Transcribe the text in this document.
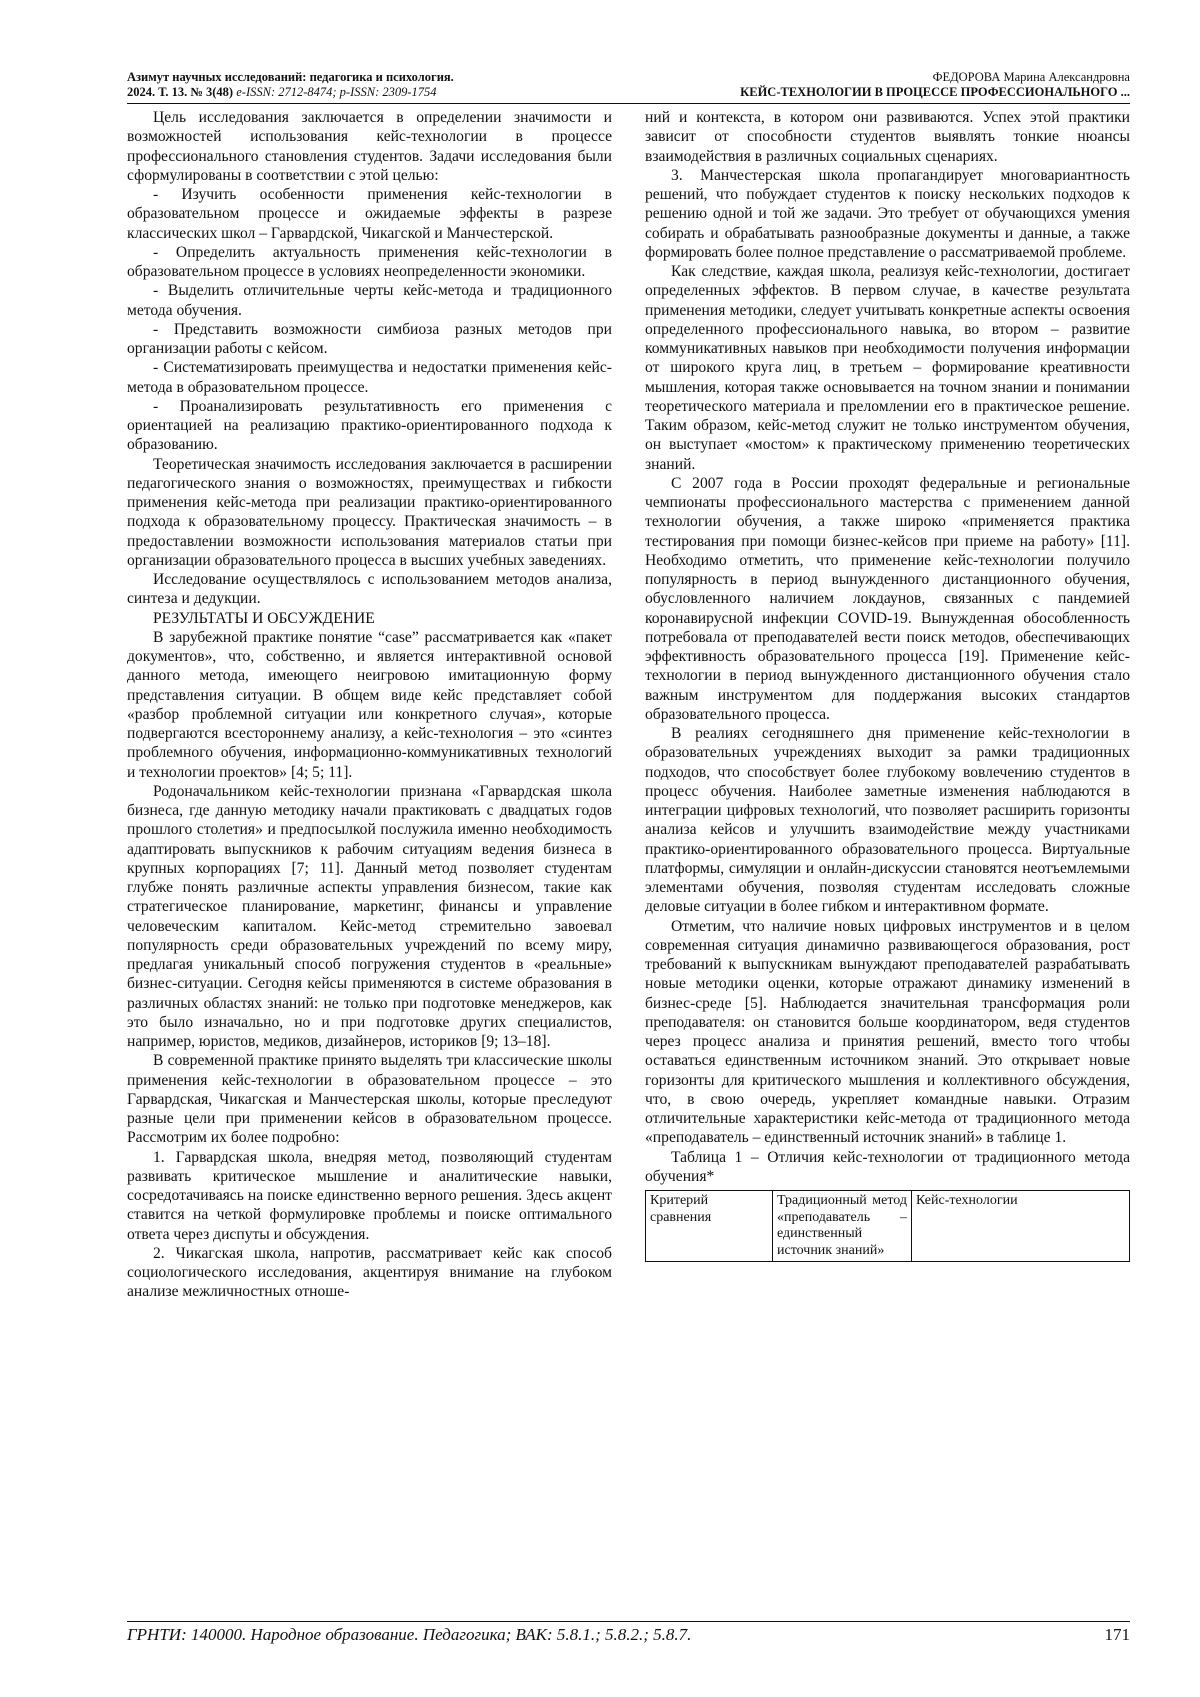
Азимут научных исследований: педагогика и психология.
2024. Т. 13. № 3(48) e-ISSN: 2712-8474; p-ISSN: 2309-1754
ФЕДОРОВА Марина Александровна
КЕЙС-ТЕХНОЛОГИИ В ПРОЦЕССЕ ПРОФЕССИОНАЛЬНОГО ...

Цель исследования заключается в определении значимости и возможностей использования кейс-технологии в процессе профессионального становления студентов. Задачи исследования были сформулированы в соответствии с этой целью:

- Изучить особенности применения кейс-технологии в образовательном процессе и ожидаемые эффекты в разрезе классических школ – Гарвардской, Чикагской и Манчестерской.

- Определить актуальность применения кейс-технологии в образовательном процессе в условиях неопределенности экономики.

- Выделить отличительные черты кейс-метода и традиционного метода обучения.

- Представить возможности симбиоза разных методов при организации работы с кейсом.

- Систематизировать преимущества и недостатки применения кейс-метода в образовательном процессе.

- Проанализировать результативность его применения с ориентацией на реализацию практико-ориентированного подхода к образованию.

Теоретическая значимость исследования заключается в расширении педагогического знания о возможностях, преимуществах и гибкости применения кейс-метода при реализации практико-ориентированного подхода к образовательному процессу. Практическая значимость – в предоставлении возможности использования материалов статьи при организации образовательного процесса в высших учебных заведениях.

Исследование осуществлялось с использованием методов анализа, синтеза и дедукции.

РЕЗУЛЬТАТЫ И ОБСУЖДЕНИЕ

В зарубежной практике понятие “case” рассматривается как «пакет документов», что, собственно, и является интерактивной основой данного метода, имеющего неигровою имитационную форму представления ситуации. В общем виде кейс представляет собой «разбор проблемной ситуации или конкретного случая», которые подвергаются всестороннему анализу, а кейс-технология – это «синтез проблемного обучения, информационно-коммуникативных технологий и технологии проектов» [4; 5; 11].

Родоначальником кейс-технологии признана «Гарвардская школа бизнеса, где данную методику начали практиковать с двадцатых годов прошлого столетия» и предпосылкой послужила именно необходимость адаптировать выпускников к рабочим ситуациям ведения бизнеса в крупных корпорациях [7; 11]. Данный метод позволяет студентам глубже понять различные аспекты управления бизнесом, такие как стратегическое планирование, маркетинг, финансы и управление человеческим капиталом. Кейс-метод стремительно завоевал популярность среди образовательных учреждений по всему миру, предлагая уникальный способ погружения студентов в «реальные» бизнес-ситуации. Сегодня кейсы применяются в системе образования в различных областях знаний: не только при подготовке менеджеров, как это было изначально, но и при подготовке других специалистов, например, юристов, медиков, дизайнеров, историков [9; 13–18].

В современной практике принято выделять три классические школы применения кейс-технологии в образовательном процессе – это Гарвардская, Чикагская и Манчестерская школы, которые преследуют разные цели при применении кейсов в образовательном процессе. Рассмотрим их более подробно:

1. Гарвардская школа, внедряя метод, позволяющий студентам развивать критическое мышление и аналитические навыки, сосредотачиваясь на поиске единственно верного решения. Здесь акцент ставится на четкой формулировке проблемы и поиске оптимального ответа через диспуты и обсуждения.

2. Чикагская школа, напротив, рассматривает кейс как способ социологического исследования, акцентируя внимание на глубоком анализе межличностных отноше-

ний и контекста, в котором они развиваются. Успех этой практики зависит от способности студентов выявлять тонкие нюансы взаимодействия в различных социальных сценариях.

3. Манчестерская школа пропагандирует многовариантность решений, что побуждает студентов к поиску нескольких подходов к решению одной и той же задачи. Это требует от обучающихся умения собирать и обрабатывать разнообразные документы и данные, а также формировать более полное представление о рассматриваемой проблеме.

Как следствие, каждая школа, реализуя кейс-технологии, достигает определенных эффектов. В первом случае, в качестве результата применения методики, следует учитывать конкретные аспекты освоения определенного профессионального навыка, во втором – развитие коммуникативных навыков при необходимости получения информации от широкого круга лиц, в третьем – формирование креативности мышления, которая также основывается на точном знании и понимании теоретического материала и преломлении его в практическое решение. Таким образом, кейс-метод служит не только инструментом обучения, он выступает «мостом» к практическому применению теоретических знаний.

С 2007 года в России проходят федеральные и региональные чемпионаты профессионального мастерства с применением данной технологии обучения, а также широко «применяется практика тестирования при помощи бизнес-кейсов при приеме на работу» [11]. Необходимо отметить, что применение кейс-технологии получило популярность в период вынужденного дистанционного обучения, обусловленного наличием локдаунов, связанных с пандемией коронавирусной инфекции COVID-19. Вынужденная обособленность потребовала от преподавателей вести поиск методов, обеспечивающих эффективность образовательного процесса [19]. Применение кейс-технологии в период вынужденного дистанционного обучения стало важным инструментом для поддержания высоких стандартов образовательного процесса.

В реалиях сегодняшнего дня применение кейс-технологии в образовательных учреждениях выходит за рамки традиционных подходов, что способствует более глубокому вовлечению студентов в процесс обучения. Наиболее заметные изменения наблюдаются в интеграции цифровых технологий, что позволяет расширить горизонты анализа кейсов и улучшить взаимодействие между участниками практико-ориентированного образовательного процесса. Виртуальные платформы, симуляции и онлайн-дискуссии становятся неотъемлемыми элементами обучения, позволяя студентам исследовать сложные деловые ситуации в более гибком и интерактивном формате.

Отметим, что наличие новых цифровых инструментов и в целом современная ситуация динамично развивающегося образования, рост требований к выпускникам вынуждают преподавателей разрабатывать новые методики оценки, которые отражают динамику изменений в бизнес-среде [5]. Наблюдается значительная трансформация роли преподавателя: он становится больше координатором, ведя студентов через процесс анализа и принятия решений, вместо того чтобы оставаться единственным источником знаний. Это открывает новые горизонты для критического мышления и коллективного обсуждения, что, в свою очередь, укрепляет командные навыки. Отразим отличительные характеристики кейс-метода от традиционного метода «преподаватель – единственный источник знаний» в таблице 1.

Таблица 1 – Отличия кейс-технологии от традиционного метода обучения*

Критерий сравнения	Традиционный метод «преподаватель – единственный источник знаний»	Кейс-технологии
ГРНТИ: 140000. Народное образование. Педагогика; ВАК: 5.8.1.; 5.8.2.; 5.8.7.	171
